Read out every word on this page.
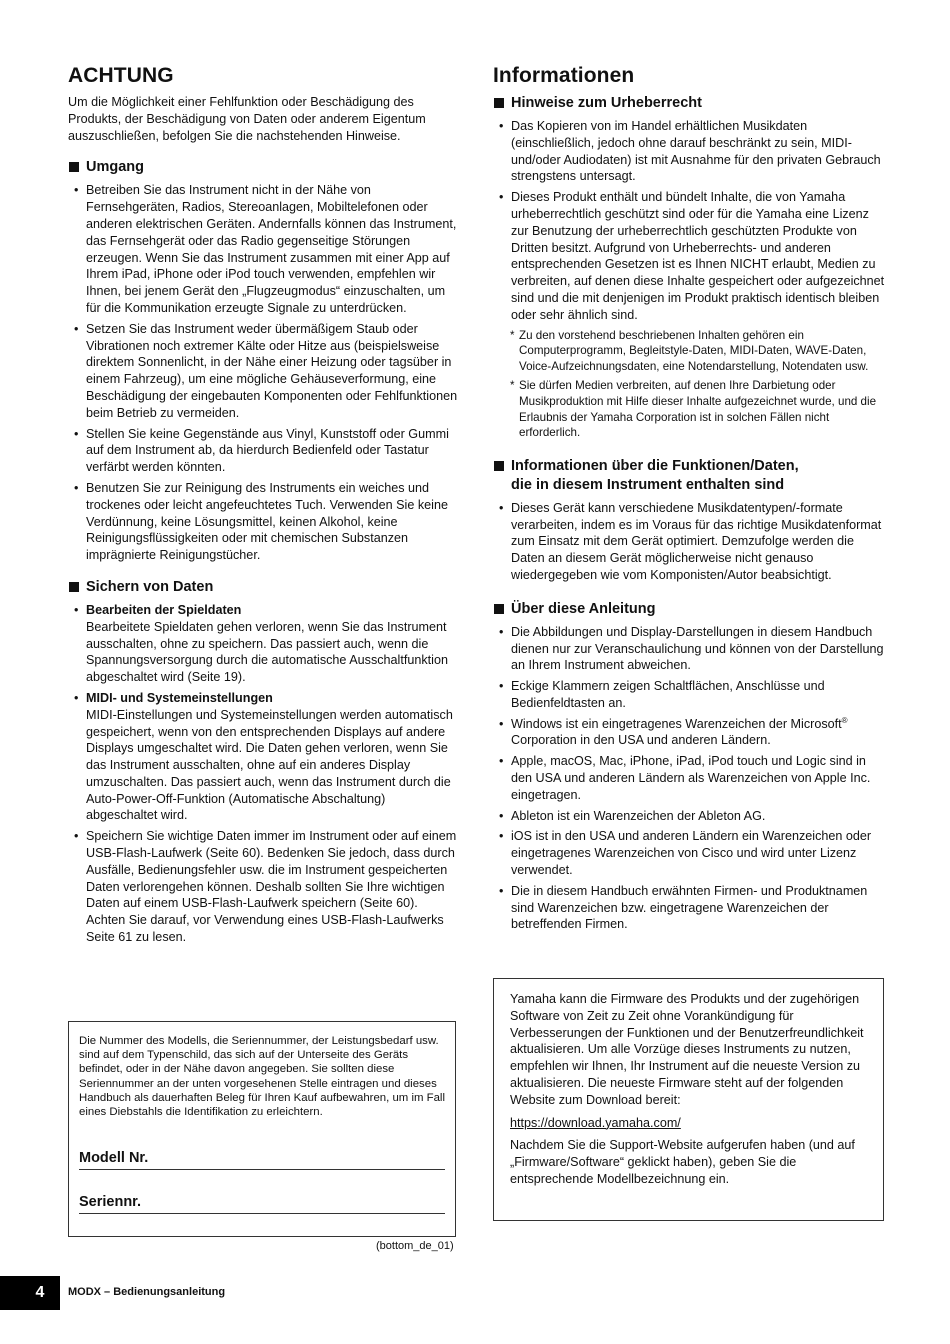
ACHTUNG

Um die Möglichkeit einer Fehlfunktion oder Beschädigung des Produkts, der Beschädigung von Daten oder anderem Eigentum auszuschließen, befolgen Sie die nachstehenden Hinweise.

Umgang
• Betreiben Sie das Instrument nicht in der Nähe von Fernsehgeräten, Radios, Stereoanlagen, Mobiltelefonen oder anderen elektrischen Geräten. Andernfalls können das Instrument, das Fernsehgerät oder das Radio gegenseitige Störungen erzeugen. Wenn Sie das Instrument zusammen mit einer App auf Ihrem iPad, iPhone oder iPod touch verwenden, empfehlen wir Ihnen, bei jenem Gerät den „Flugzeugmodus“ einzuschalten, um für die Kommunikation erzeugte Signale zu unterdrücken.
• Setzen Sie das Instrument weder übermäßigem Staub oder Vibrationen noch extremer Kälte oder Hitze aus (beispielsweise direktem Sonnenlicht, in der Nähe einer Heizung oder tagsüber in einem Fahrzeug), um eine mögliche Gehäuseverformung, eine Beschädigung der eingebauten Komponenten oder Fehlfunktionen beim Betrieb zu vermeiden.
• Stellen Sie keine Gegenstände aus Vinyl, Kunststoff oder Gummi auf dem Instrument ab, da hierdurch Bedienfeld oder Tastatur verfärbt werden könnten.
• Benutzen Sie zur Reinigung des Instruments ein weiches und trockenes oder leicht angefeuchtetes Tuch. Verwenden Sie keine Verdünnung, keine Lösungsmittel, keinen Alkohol, keine Reinigungsflüssigkeiten oder mit chemischen Substanzen imprägnierte Reinigungstücher.
Sichern von Daten
• Bearbeiten der Spieldaten
Bearbeitete Spieldaten gehen verloren, wenn Sie das Instrument ausschalten, ohne zu speichern. Das passiert auch, wenn die Spannungsversorgung durch die automatische Ausschaltfunktion abgeschaltet wird (Seite 19).
• MIDI- und Systemeinstellungen
MIDI-Einstellungen und Systemeinstellungen werden automatisch gespeichert, wenn von den entsprechenden Displays auf andere Displays umgeschaltet wird. Die Daten gehen verloren, wenn Sie das Instrument ausschalten, ohne auf ein anderes Display umzuschalten. Das passiert auch, wenn das Instrument durch die Auto-Power-Off-Funktion (Automatische Abschaltung) abgeschaltet wird.
• Speichern Sie wichtige Daten immer im Instrument oder auf einem USB-Flash-Laufwerk (Seite 60). Bedenken Sie jedoch, dass durch Ausfälle, Bedienungsfehler usw. die im Instrument gespeicherten Daten verlorengehen können. Deshalb sollten Sie Ihre wichtigen Daten auf einem USB-Flash-Laufwerk speichern (Seite 60). Achten Sie darauf, vor Verwendung eines USB-Flash-Laufwerks Seite 61 zu lesen.

Die Nummer des Modells, die Seriennummer, der Leistungsbedarf usw. sind auf dem Typenschild, das sich auf der Unterseite des Geräts befindet, oder in der Nähe davon angegeben. Sie sollten diese Seriennummer an der unten vorgesehenen Stelle eintragen und dieses Handbuch als dauerhaften Beleg für Ihren Kauf aufbewahren, um im Fall eines Diebstahls die Identifikation zu erleichtern.

Modell Nr.
Seriennr.
(bottom_de_01)
Informationen
Hinweise zum Urheberrecht
• Das Kopieren von im Handel erhältlichen Musikdaten (einschließlich, jedoch ohne darauf beschränkt zu sein, MIDI- und/oder Audiodaten) ist mit Ausnahme für den privaten Gebrauch strengstens untersagt.
• Dieses Produkt enthält und bündelt Inhalte, die von Yamaha urheberrechtlich geschützt sind oder für die Yamaha eine Lizenz zur Benutzung der urheberrechtlich geschützten Produkte von Dritten besitzt. Aufgrund von Urheberrechts- und anderen entsprechenden Gesetzen ist es Ihnen NICHT erlaubt, Medien zu verbreiten, auf denen diese Inhalte gespeichert oder aufgezeichnet sind und die mit denjenigen im Produkt praktisch identisch bleiben oder sehr ähnlich sind.
* Zu den vorstehend beschriebenen Inhalten gehören ein Computerprogramm, Begleitstyle-Daten, MIDI-Daten, WAVE-Daten, Voice-Aufzeichnungsdaten, eine Notendarstellung, Notendaten usw.
* Sie dürfen Medien verbreiten, auf denen Ihre Darbietung oder Musikproduktion mit Hilfe dieser Inhalte aufgezeichnet wurde, und die Erlaubnis der Yamaha Corporation ist in solchen Fällen nicht erforderlich.
Informationen über die Funktionen/Daten,
die in diesem Instrument enthalten sind
• Dieses Gerät kann verschiedene Musikdatentypen/-formate verarbeiten, indem es im Voraus für das richtige Musikdatenformat zum Einsatz mit dem Gerät optimiert. Demzufolge werden die Daten an diesem Gerät möglicherweise nicht genauso wiedergegeben wie vom Komponisten/Autor beabsichtigt.
Über diese Anleitung
• Die Abbildungen und Display-Darstellungen in diesem Handbuch dienen nur zur Veranschaulichung und können von der Darstellung an Ihrem Instrument abweichen.
• Eckige Klammern zeigen Schaltflächen, Anschlüsse und Bedienfeldtasten an.
• Windows ist ein eingetragenes Warenzeichen der Microsoft® Corporation in den USA und anderen Ländern.
• Apple, macOS, Mac, iPhone, iPad, iPod touch und Logic sind in den USA und anderen Ländern als Warenzeichen von Apple Inc. eingetragen.
• Ableton ist ein Warenzeichen der Ableton AG.
• iOS ist in den USA und anderen Ländern ein Warenzeichen oder eingetragenes Warenzeichen von Cisco und wird unter Lizenz verwendet.
• Die in diesem Handbuch erwähnten Firmen- und Produktnamen sind Warenzeichen bzw. eingetragene Warenzeichen der betreffenden Firmen.

Yamaha kann die Firmware des Produkts und der zugehörigen Software von Zeit zu Zeit ohne Vorankündigung für Verbesserungen der Funktionen und der Benutzerfreundlichkeit aktualisieren. Um alle Vorzüge dieses Instruments zu nutzen, empfehlen wir Ihnen, Ihr Instrument auf die neueste Version zu aktualisieren. Die neueste Firmware steht auf der folgenden Website zum Download bereit:

https://download.yamaha.com/

Nachdem Sie die Support-Website aufgerufen haben (und auf „Firmware/Software“ geklickt haben), geben Sie die entsprechende Modellbezeichnung ein.

4	MODX – Bedienungsanleitung
